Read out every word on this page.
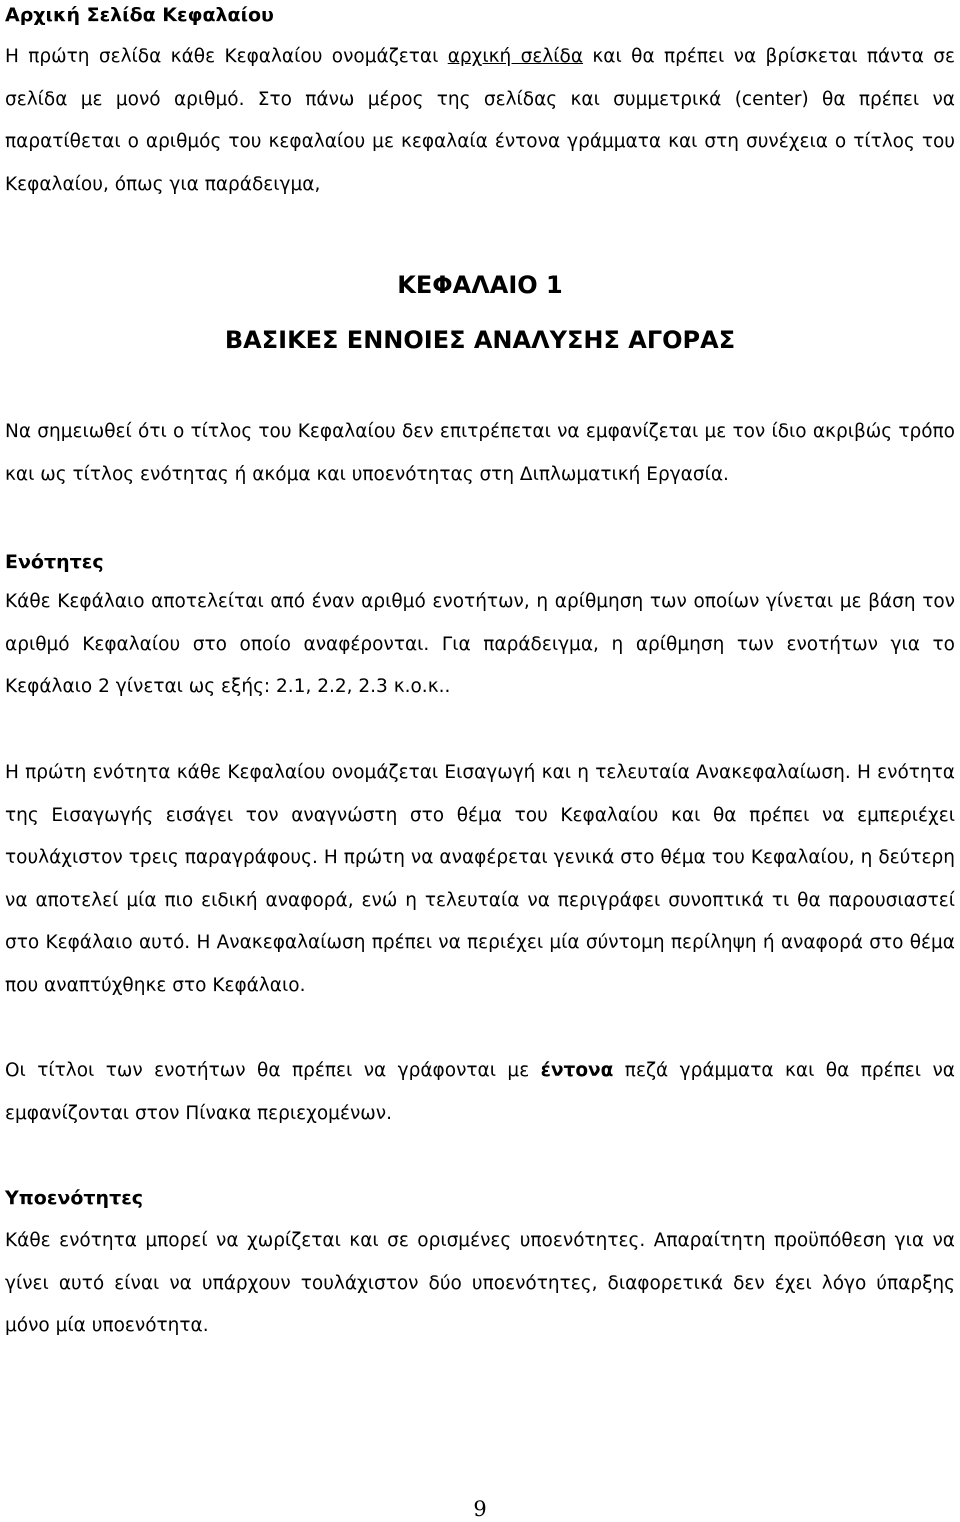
Αρχική Σελίδα Κεφαλαίου
Η πρώτη σελίδα κάθε Κεφαλαίου ονομάζεται αρχική σελίδα και θα πρέπει να βρίσκεται πάντα σε σελίδα με μονό αριθμό. Στο πάνω μέρος της σελίδας και συμμετρικά (center) θα πρέπει να παρατίθεται ο αριθμός του κεφαλαίου με κεφαλαία έντονα γράμματα και στη συνέχεια ο τίτλος του Κεφαλαίου, όπως για παράδειγμα,
ΚΕΦΑΛΑΙΟ 1
ΒΑΣΙΚΕΣ ΕΝΝΟΙΕΣ ΑΝΑΛΥΣΗΣ ΑΓΟΡΑΣ
Να σημειωθεί ότι ο τίτλος του Κεφαλαίου δεν επιτρέπεται να εμφανίζεται με τον ίδιο ακριβώς τρόπο και ως τίτλος ενότητας ή ακόμα και υποενότητας στη Διπλωματική Εργασία.
Ενότητες
Κάθε Κεφάλαιο αποτελείται από έναν αριθμό ενοτήτων, η αρίθμηση των οποίων γίνεται με βάση τον αριθμό Κεφαλαίου στο οποίο αναφέρονται. Για παράδειγμα, η αρίθμηση των ενοτήτων για το Κεφάλαιο 2 γίνεται ως εξής: 2.1, 2.2, 2.3 κ.ο.κ..
Η πρώτη ενότητα κάθε Κεφαλαίου ονομάζεται Εισαγωγή και η τελευταία Ανακεφαλαίωση. Η ενότητα της Εισαγωγής εισάγει τον αναγνώστη στο θέμα του Κεφαλαίου και θα πρέπει να εμπεριέχει τουλάχιστον τρεις παραγράφους. Η πρώτη να αναφέρεται γενικά στο θέμα του Κεφαλαίου, η δεύτερη να αποτελεί μία πιο ειδική αναφορά, ενώ η τελευταία να περιγράφει συνοπτικά τι θα παρουσιαστεί στο Κεφάλαιο αυτό. Η Ανακεφαλαίωση πρέπει να περιέχει μία σύντομη περίληψη ή αναφορά στο θέμα που αναπτύχθηκε στο Κεφάλαιο.
Οι τίτλοι των ενοτήτων θα πρέπει να γράφονται με έντονα πεζά γράμματα και θα πρέπει να εμφανίζονται στον Πίνακα περιεχομένων.
Υποενότητες
Κάθε ενότητα μπορεί να χωρίζεται και σε ορισμένες υποενότητες. Απαραίτητη προϋπόθεση για να γίνει αυτό είναι να υπάρχουν τουλάχιστον δύο υποενότητες, διαφορετικά δεν έχει λόγο ύπαρξης μόνο μία υποενότητα.
9
